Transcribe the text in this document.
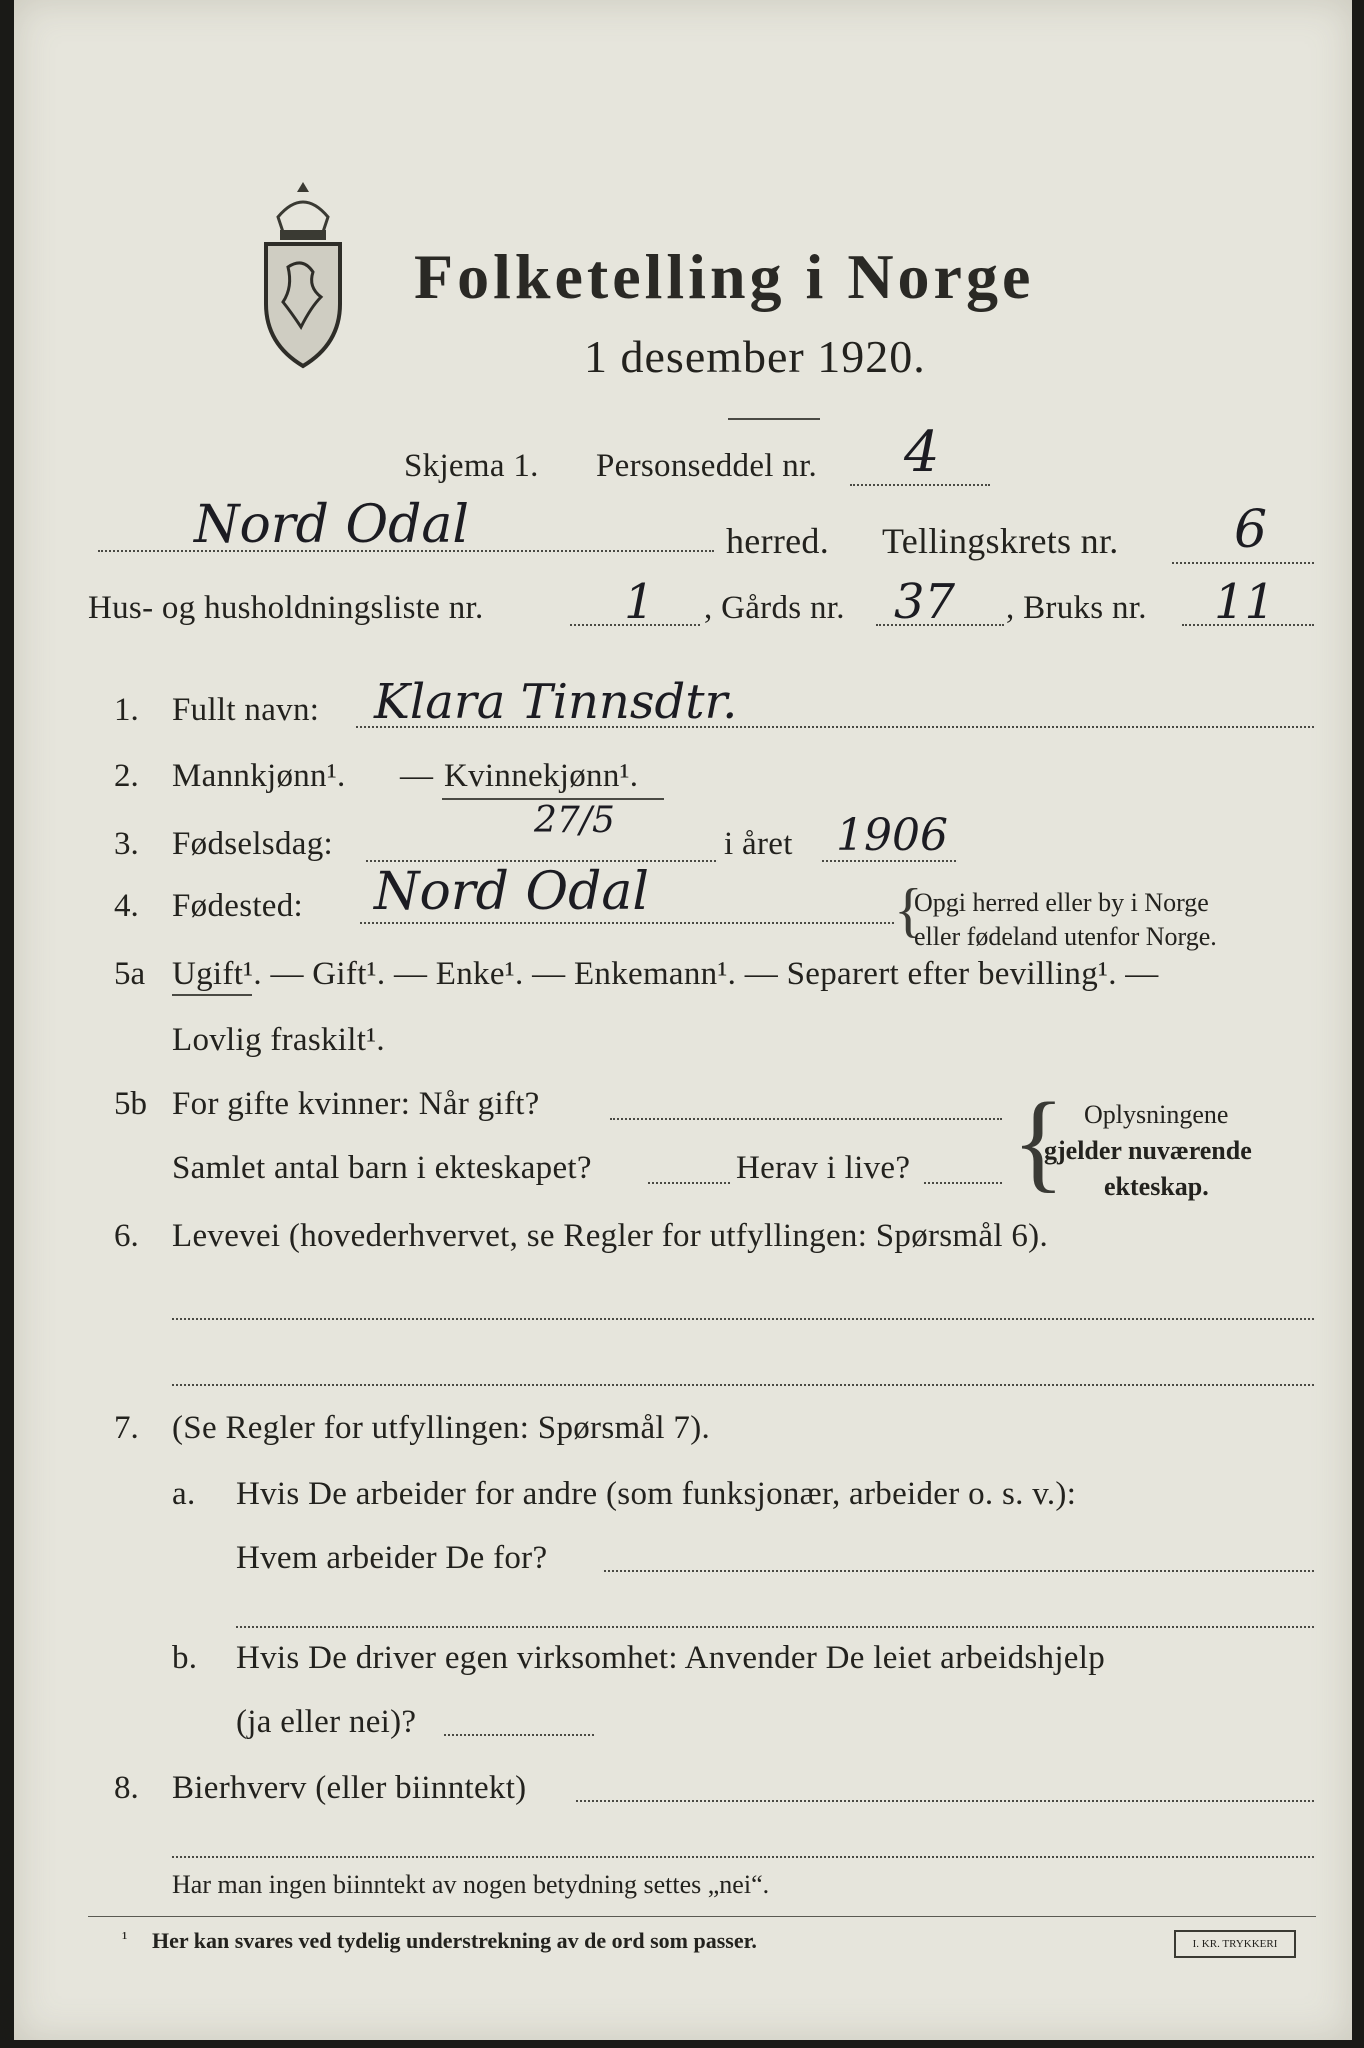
Folketelling i Norge
1 desember 1920.
Skjema 1. Personseddel nr. 4
Nord Odal	herred. Tellingskrets nr. 6
Hus- og husholdningsliste nr.	1 , Gårds nr. 37 , Bruks nr. 11
1. Fullt navn: Klara Tinnsdtr.
2. Mannkjønn¹. — Kvinnekjønn¹.
3. Fødselsdag:
27/5
i året 1906
4. Fødested: Nord Odal	{
Opgi herred eller by i Norge
eller fødeland utenfor Norge.
5a Ugift¹. — Gift¹. — Enke¹. — Enkemann¹. — Separert efter bevilling¹. —
Lovlig fraskilt¹.
5b For gifte kvinner: Når gift?
Samlet antal barn i ekteskapet?	Herav i live? { Oplysningene
gjelder nuværende
ekteskap.
6. Levevei (hovederhvervet, se Regler for utfyllingen: Spørsmål 6).
7. (Se Regler for utfyllingen: Spørsmål 7).
a. Hvis De arbeider for andre (som funksjonær, arbeider o. s. v.):
Hvem arbeider De for?
b. Hvis De driver egen virksomhet: Anvender De leiet arbeidshjelp
(ja eller nei)?
8. Bierhverv (eller biinntekt)
Har man ingen biinntekt av nogen betydning settes „nei“.
¹ Her kan svares ved tydelig understrekning av de ord som passer.	I. KR. TRYKKERI
